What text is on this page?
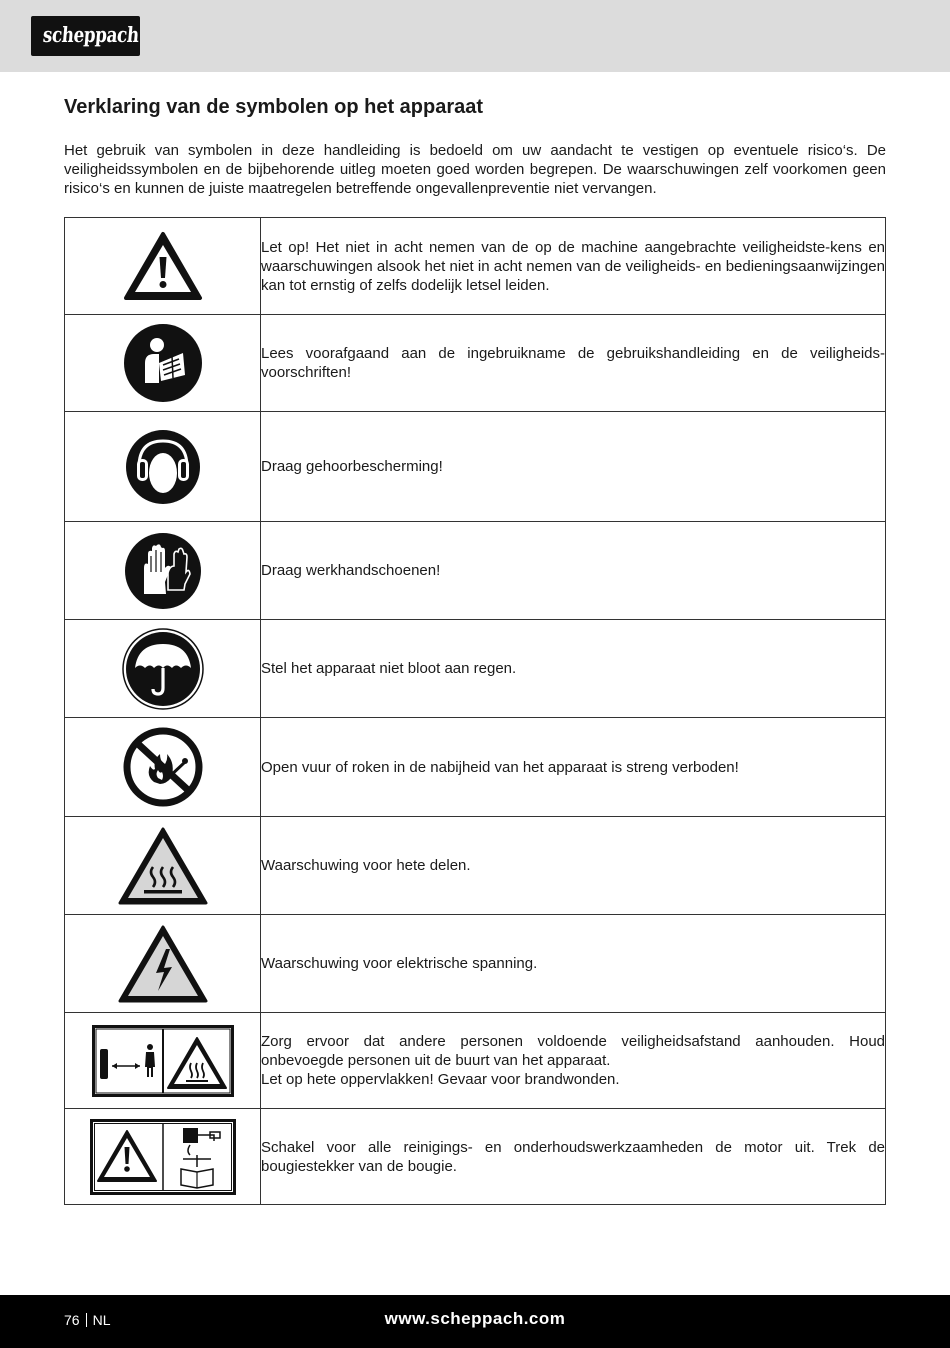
scheppach
Verklaring van de symbolen op het apparaat

Het gebruik van symbolen in deze handleiding is bedoeld om uw aandacht te vestigen op eventuele risico‘s. De veiligheidssymbolen en de bijbehorende uitleg moeten goed worden begrepen. De waarschuwingen zelf voorkomen geen risico‘s en kunnen de juiste maatregelen betreffende ongevallenpreventie niet vervangen.

	Let op! Het niet in acht nemen van de op de machine aangebrachte veiligheidste-kens en waarschuwingen alsook het niet in acht nemen van de veiligheids- en bedieningsaanwijzingen kan tot ernstig of zelfs dodelijk letsel leiden.

	Lees voorafgaand aan de ingebruikname de gebruikshandleiding en de veiligheids-voorschriften!

	Draag gehoorbescherming!

	Draag werkhandschoenen!

	Stel het apparaat niet bloot aan regen.

	Open vuur of roken in de nabijheid van het apparaat is streng verboden!

	Waarschuwing voor hete delen.

	Waarschuwing voor elektrische spanning.

	Zorg ervoor dat andere personen voldoende veiligheidsafstand aanhouden. Houd onbevoegde personen uit de buurt van het apparaat.
Let op hete oppervlakken! Gevaar voor brandwonden.

	Schakel voor alle reinigings- en onderhoudswerkzaamheden de motor uit. Trek de bougiestekker van de bougie.
76 NL	www.scheppach.com
